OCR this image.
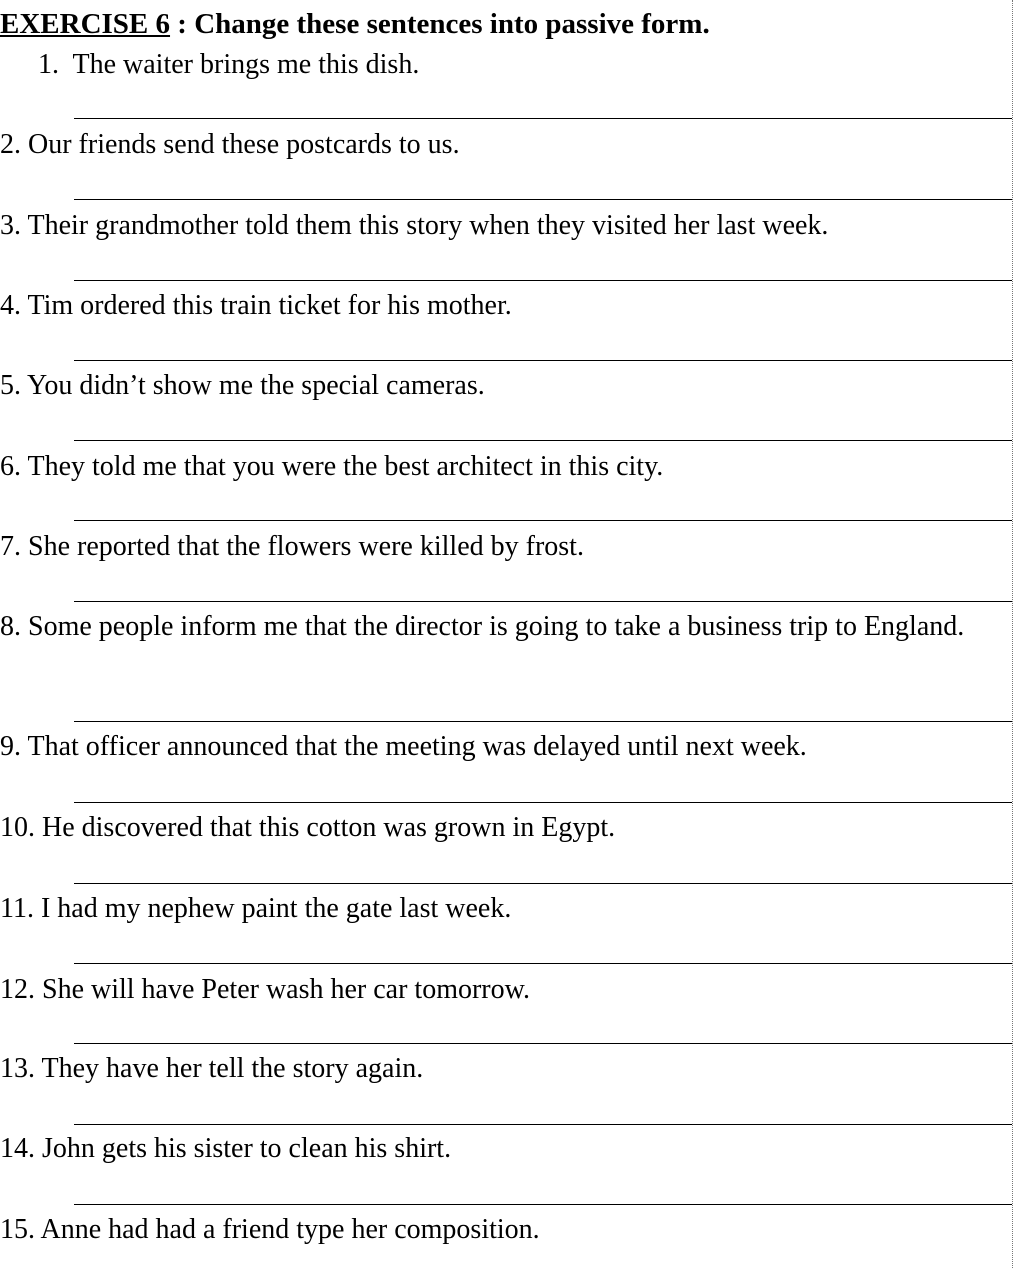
EXERCISE 6 : Change these sentences into passive form.

1. The waiter brings me this dish.

2. Our friends send these postcards to us.

3. Their grandmother told them this story when they visited her last week.

4. Tim ordered this train ticket for his mother.

5. You didn’t show me the special cameras.

6. They told me that you were the best architect in this city.

7. She reported that the flowers were killed by frost.

8. Some people inform me that the director is going to take a business trip to England.

9. That officer announced that the meeting was delayed until next week.

10. He discovered that this cotton was grown in Egypt.

11. I had my nephew paint the gate last week.

12. She will have Peter wash her car tomorrow.

13. They have her tell the story again.

14. John gets his sister to clean his shirt.

15. Anne had had a friend type her composition.
